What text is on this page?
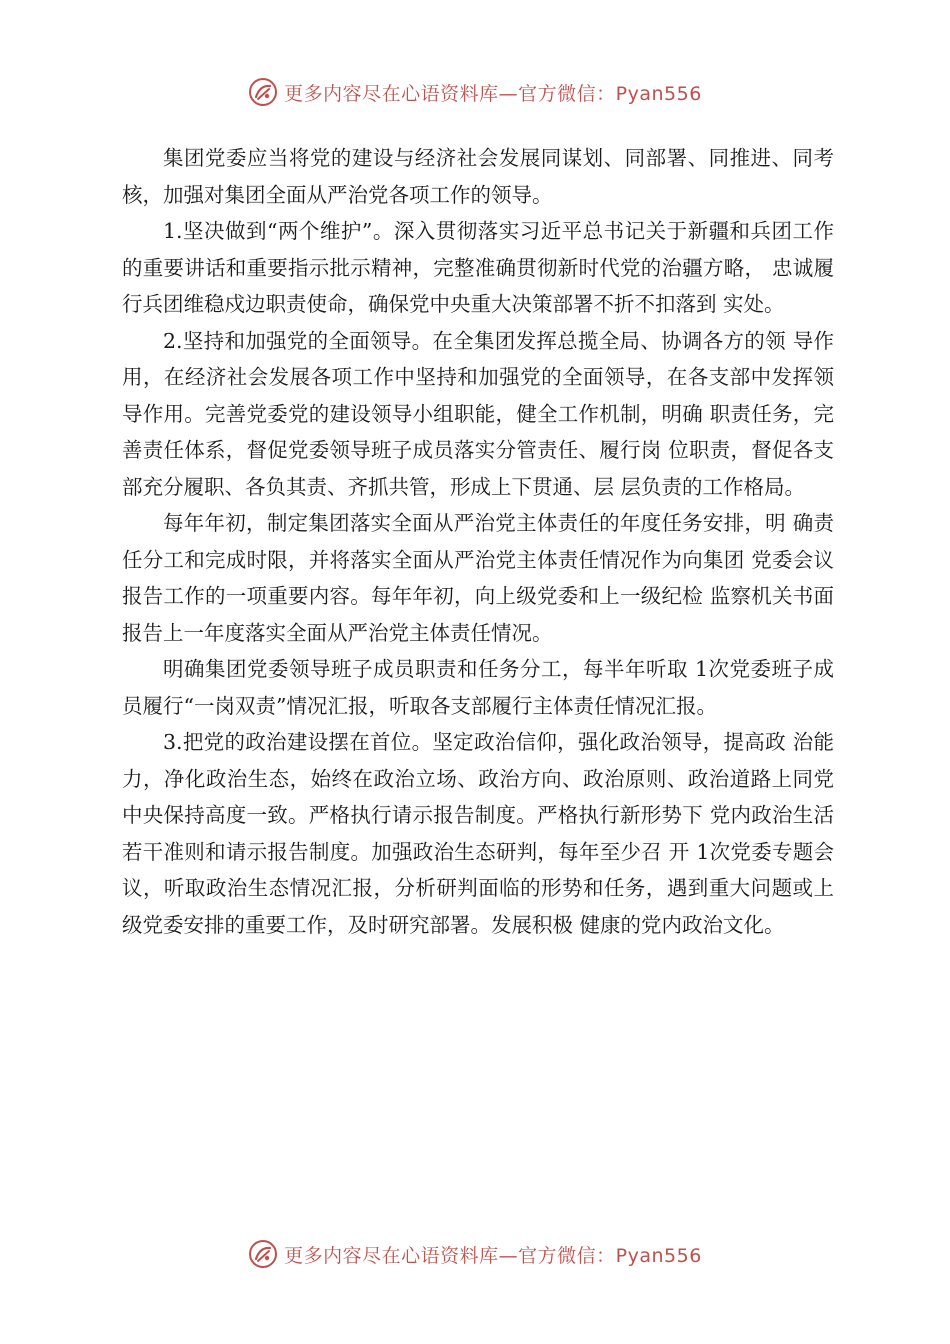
更多内容尽在心语资料库—官方微信：Pyan556

集团党委应当将党的建设与经济社会发展同谋划、同部署、同推进、同考核，加强对集团全面从严治党各项工作的领导。

1.坚决做到“两个维护”。深入贯彻落实习近平总书记关于新疆和兵团工作的重要讲话和重要指示批示精神，完整准确贯彻新时代党的治疆方略， 忠诚履行兵团维稳戍边职责使命，确保党中央重大决策部署不折不扣落到 实处。

2.坚持和加强党的全面领导。在全集团发挥总揽全局、协调各方的领 导作用，在经济社会发展各项工作中坚持和加强党的全面领导，在各支部中发挥领导作用。完善党委党的建设领导小组职能，健全工作机制，明确 职责任务，完善责任体系，督促党委领导班子成员落实分管责任、履行岗 位职责，督促各支部充分履职、各负其责、齐抓共管，形成上下贯通、层 层负责的工作格局。

每年年初，制定集团落实全面从严治党主体责任的年度任务安排，明 确责任分工和完成时限，并将落实全面从严治党主体责任情况作为向集团 党委会议报告工作的一项重要内容。每年年初，向上级党委和上一级纪检 监察机关书面报告上一年度落实全面从严治党主体责任情况。

明确集团党委领导班子成员职责和任务分工，每半年听取 1次党委班子成员履行“一岗双责”情况汇报，听取各支部履行主体责任情况汇报。

3.把党的政治建设摆在首位。坚定政治信仰，强化政治领导，提高政 治能力，净化政治生态，始终在政治立场、政治方向、政治原则、政治道路上同党中央保持高度一致。严格执行请示报告制度。严格执行新形势下 党内政治生活若干准则和请示报告制度。加强政治生态研判，每年至少召 开 1次党委专题会议，听取政治生态情况汇报，分析研判面临的形势和任务，遇到重大问题或上级党委安排的重要工作，及时研究部署。发展积极 健康的党内政治文化。

更多内容尽在心语资料库—官方微信：Pyan556
